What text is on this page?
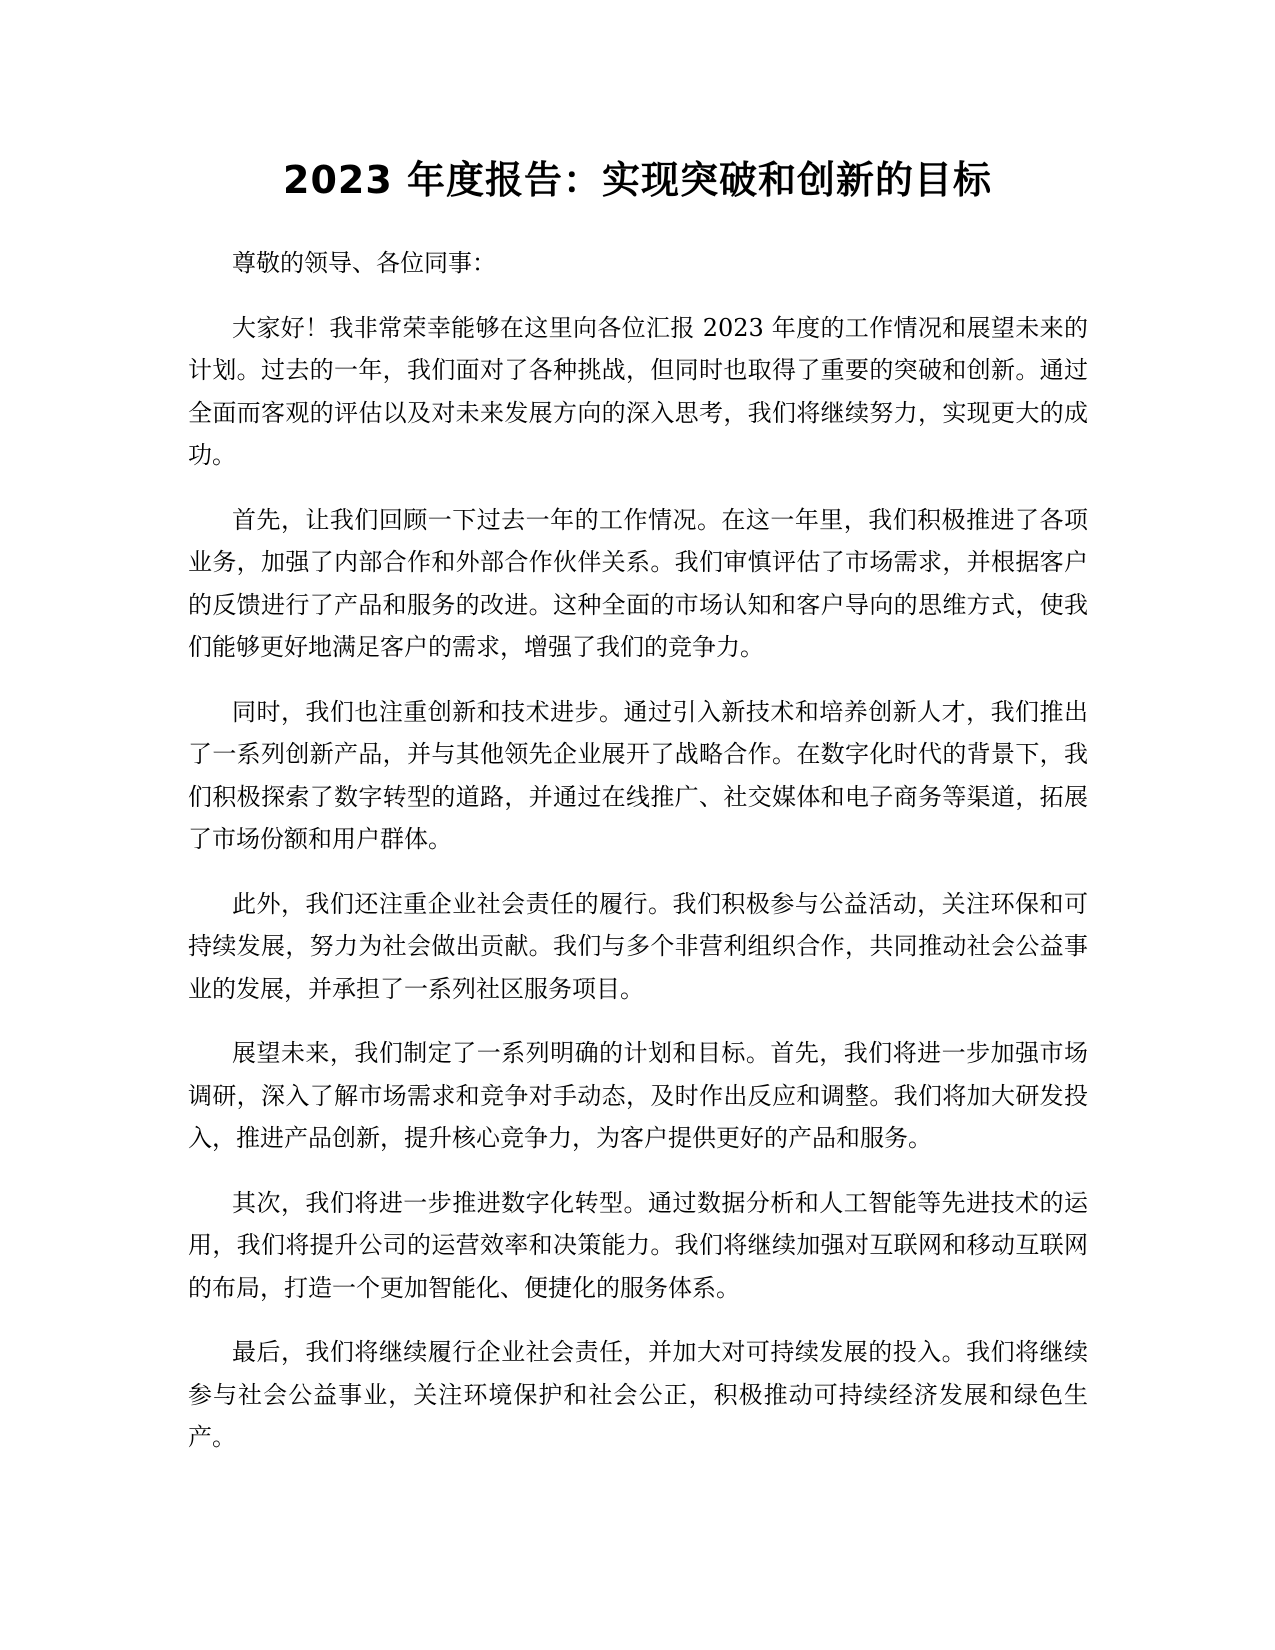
2023 年度报告：实现突破和创新的目标

尊敬的领导、各位同事：

大家好！我非常荣幸能够在这里向各位汇报 2023 年度的工作情况和展望未来的计划。过去的一年，我们面对了各种挑战，但同时也取得了重要的突破和创新。通过全面而客观的评估以及对未来发展方向的深入思考，我们将继续努力，实现更大的成功。

首先，让我们回顾一下过去一年的工作情况。在这一年里，我们积极推进了各项业务，加强了内部合作和外部合作伙伴关系。我们审慎评估了市场需求，并根据客户的反馈进行了产品和服务的改进。这种全面的市场认知和客户导向的思维方式，使我们能够更好地满足客户的需求，增强了我们的竞争力。

同时，我们也注重创新和技术进步。通过引入新技术和培养创新人才，我们推出了一系列创新产品，并与其他领先企业展开了战略合作。在数字化时代的背景下，我们积极探索了数字转型的道路，并通过在线推广、社交媒体和电子商务等渠道，拓展了市场份额和用户群体。

此外，我们还注重企业社会责任的履行。我们积极参与公益活动，关注环保和可持续发展，努力为社会做出贡献。我们与多个非营利组织合作，共同推动社会公益事业的发展，并承担了一系列社区服务项目。

展望未来，我们制定了一系列明确的计划和目标。首先，我们将进一步加强市场调研，深入了解市场需求和竞争对手动态，及时作出反应和调整。我们将加大研发投入，推进产品创新，提升核心竞争力，为客户提供更好的产品和服务。

其次，我们将进一步推进数字化转型。通过数据分析和人工智能等先进技术的运用，我们将提升公司的运营效率和决策能力。我们将继续加强对互联网和移动互联网的布局，打造一个更加智能化、便捷化的服务体系。

最后，我们将继续履行企业社会责任，并加大对可持续发展的投入。我们将继续参与社会公益事业，关注环境保护和社会公正，积极推动可持续经济发展和绿色生产。
